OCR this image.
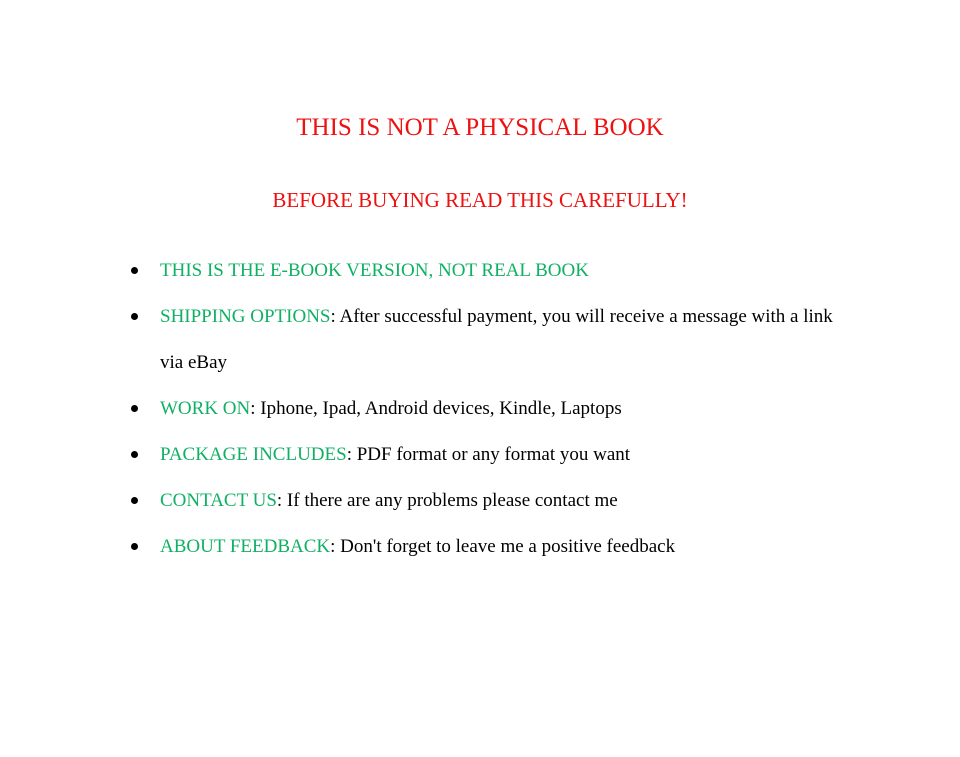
THIS IS NOT A PHYSICAL BOOK
BEFORE BUYING READ THIS CAREFULLY!
THIS IS THE E-BOOK VERSION, NOT REAL BOOK
SHIPPING OPTIONS: After successful payment, you will receive a message with a link via eBay
WORK ON: Iphone, Ipad, Android devices, Kindle, Laptops
PACKAGE INCLUDES: PDF format or any format you want
CONTACT US: If there are any problems please contact me
ABOUT FEEDBACK: Don't forget to leave me a positive feedback
